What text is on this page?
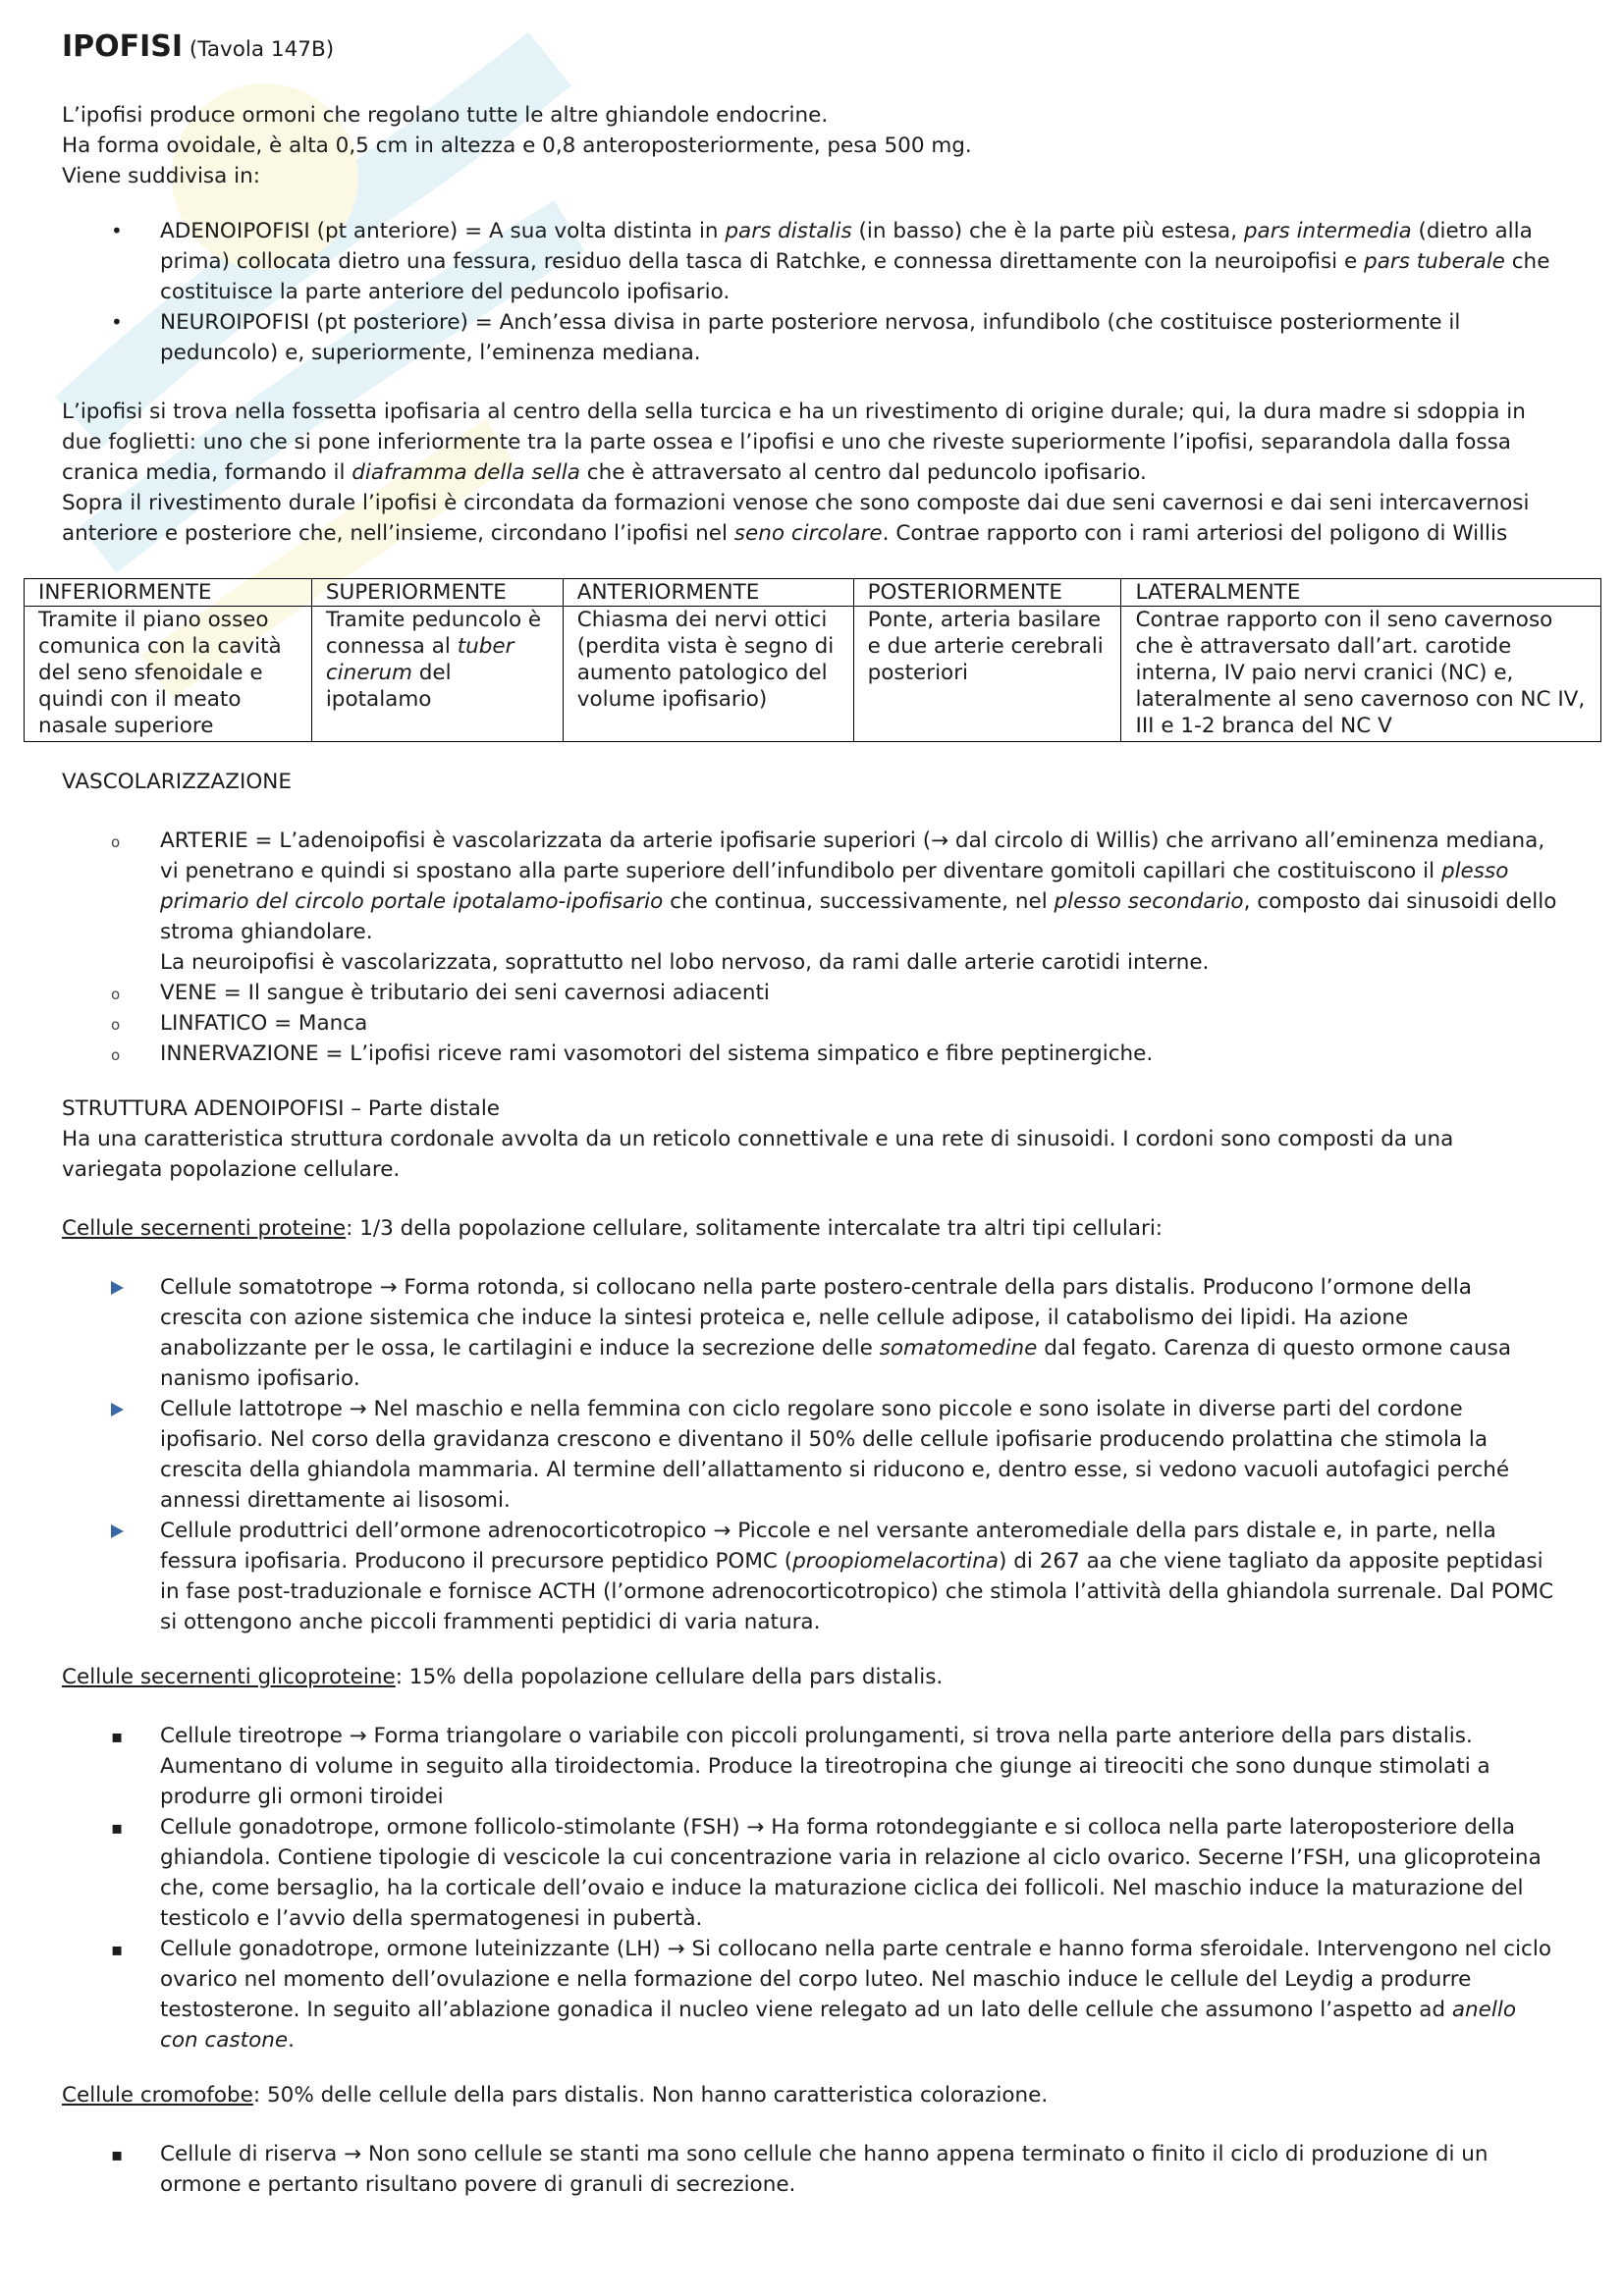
IPOFISI (Tavola 147B)

L’ipofisi produce ormoni che regolano tutte le altre ghiandole endocrine.

Ha forma ovoidale, è alta 0,5 cm in altezza e 0,8 anteroposteriormente, pesa 500 mg.

Viene suddivisa in:

•
ADENOIPOFISI (pt anteriore) = A sua volta distinta in pars distalis (in basso) che è la parte più estesa, pars intermedia (dietro alla prima) collocata dietro una fessura, residuo della tasca di Ratchke, e connessa direttamente con la neuroipofisi e pars tuberale che costituisce la parte anteriore del peduncolo ipofisario.
•
NEUROIPOFISI (pt posteriore) = Anch’essa divisa in parte posteriore nervosa, infundibolo (che costituisce posteriormente il peduncolo) e, superiormente, l’eminenza mediana.

L’ipofisi si trova nella fossetta ipofisaria al centro della sella turcica e ha un rivestimento di origine durale; qui, la dura madre si sdoppia in due foglietti: uno che si pone inferiormente tra la parte ossea e l’ipofisi e uno che riveste superiormente l’ipofisi, separandola dalla fossa cranica media, formando il diaframma della sella che è attraversato al centro dal peduncolo ipofisario.

Sopra il rivestimento durale l’ipofisi è circondata da formazioni venose che sono composte dai due seni cavernosi e dai seni intercavernosi anteriore e posteriore che, nell’insieme, circondano l’ipofisi nel seno circolare. Contrae rapporto con i rami arteriosi del poligono di Willis

INFERIORMENTE	SUPERIORMENTE	ANTERIORMENTE	POSTERIORMENTE	LATERALMENTE
Tramite il piano osseo comunica con la cavità del seno sfenoidale e quindi con il meato nasale superiore	Tramite peduncolo è connessa al tuber cinerum del ipotalamo	Chiasma dei nervi ottici (perdita vista è segno di aumento patologico del volume ipofisario)	Ponte, arteria basilare e due arterie cerebrali posteriori	Contrae rapporto con il seno cavernoso che è attraversato dall’art. carotide interna, IV paio nervi cranici (NC) e, lateralmente al seno cavernoso con NC IV, III e 1-2 branca del NC V
VASCOLARIZZAZIONE
o
ARTERIE = L’adenoipofisi è vascolarizzata da arterie ipofisarie superiori (→ dal circolo di Willis) che arrivano all’eminenza mediana, vi penetrano e quindi si spostano alla parte superiore dell’infundibolo per diventare gomitoli capillari che costituiscono il plesso primario del circolo portale ipotalamo-ipofisario che continua, successivamente, nel plesso secondario, composto dai sinusoidi dello stroma ghiandolare.
La neuroipofisi è vascolarizzata, soprattutto nel lobo nervoso, da rami dalle arterie carotidi interne.
o
VENE = Il sangue è tributario dei seni cavernosi adiacenti
o
LINFATICO = Manca
o
INNERVAZIONE = L’ipofisi riceve rami vasomotori del sistema simpatico e fibre peptinergiche.

STRUTTURA ADENOIPOFISI – Parte distale

Ha una caratteristica struttura cordonale avvolta da un reticolo connettivale e una rete di sinusoidi. I cordoni sono composti da una variegata popolazione cellulare.

Cellule secernenti proteine: 1/3 della popolazione cellulare, solitamente intercalate tra altri tipi cellulari:
Cellule somatotrope → Forma rotonda, si collocano nella parte postero-centrale della pars distalis. Producono l’ormone della crescita con azione sistemica che induce la sintesi proteica e, nelle cellule adipose, il catabolismo dei lipidi. Ha azione anabolizzante per le ossa, le cartilagini e induce la secrezione delle somatomedine dal fegato. Carenza di questo ormone causa nanismo ipofisario.
Cellule lattotrope → Nel maschio e nella femmina con ciclo regolare sono piccole e sono isolate in diverse parti del cordone ipofisario. Nel corso della gravidanza crescono e diventano il 50% delle cellule ipofisarie producendo prolattina che stimola la crescita della ghiandola mammaria. Al termine dell’allattamento si riducono e, dentro esse, si vedono vacuoli autofagici perché annessi direttamente ai lisosomi.
Cellule produttrici dell’ormone adrenocorticotropico → Piccole e nel versante anteromediale della pars distale e, in parte, nella fessura ipofisaria. Producono il precursore peptidico POMC (proopiomelacortina) di 267 aa che viene tagliato da apposite peptidasi in fase post-traduzionale e fornisce ACTH (l’ormone adrenocorticotropico) che stimola l’attività della ghiandola surrenale. Dal POMC si ottengono anche piccoli frammenti peptidici di varia natura.
Cellule secernenti glicoproteine: 15% della popolazione cellulare della pars distalis.
▪
Cellule tireotrope → Forma triangolare o variabile con piccoli prolungamenti, si trova nella parte anteriore della pars distalis. Aumentano di volume in seguito alla tiroidectomia. Produce la tireotropina che giunge ai tireociti che sono dunque stimolati a produrre gli ormoni tiroidei
▪
Cellule gonadotrope, ormone follicolo-stimolante (FSH) → Ha forma rotondeggiante e si colloca nella parte lateroposteriore della ghiandola. Contiene tipologie di vescicole la cui concentrazione varia in relazione al ciclo ovarico. Secerne l’FSH, una glicoproteina che, come bersaglio, ha la corticale dell’ovaio e induce la maturazione ciclica dei follicoli. Nel maschio induce la maturazione del testicolo e l’avvio della spermatogenesi in pubertà.
▪
Cellule gonadotrope, ormone luteinizzante (LH) → Si collocano nella parte centrale e hanno forma sferoidale. Intervengono nel ciclo ovarico nel momento dell’ovulazione e nella formazione del corpo luteo. Nel maschio induce le cellule del Leydig a produrre testosterone. In seguito all’ablazione gonadica il nucleo viene relegato ad un lato delle cellule che assumono l’aspetto ad anello con castone.
Cellule cromofobe: 50% delle cellule della pars distalis. Non hanno caratteristica colorazione.
▪
Cellule di riserva → Non sono cellule se stanti ma sono cellule che hanno appena terminato o finito il ciclo di produzione di un ormone e pertanto risultano povere di granuli di secrezione.
